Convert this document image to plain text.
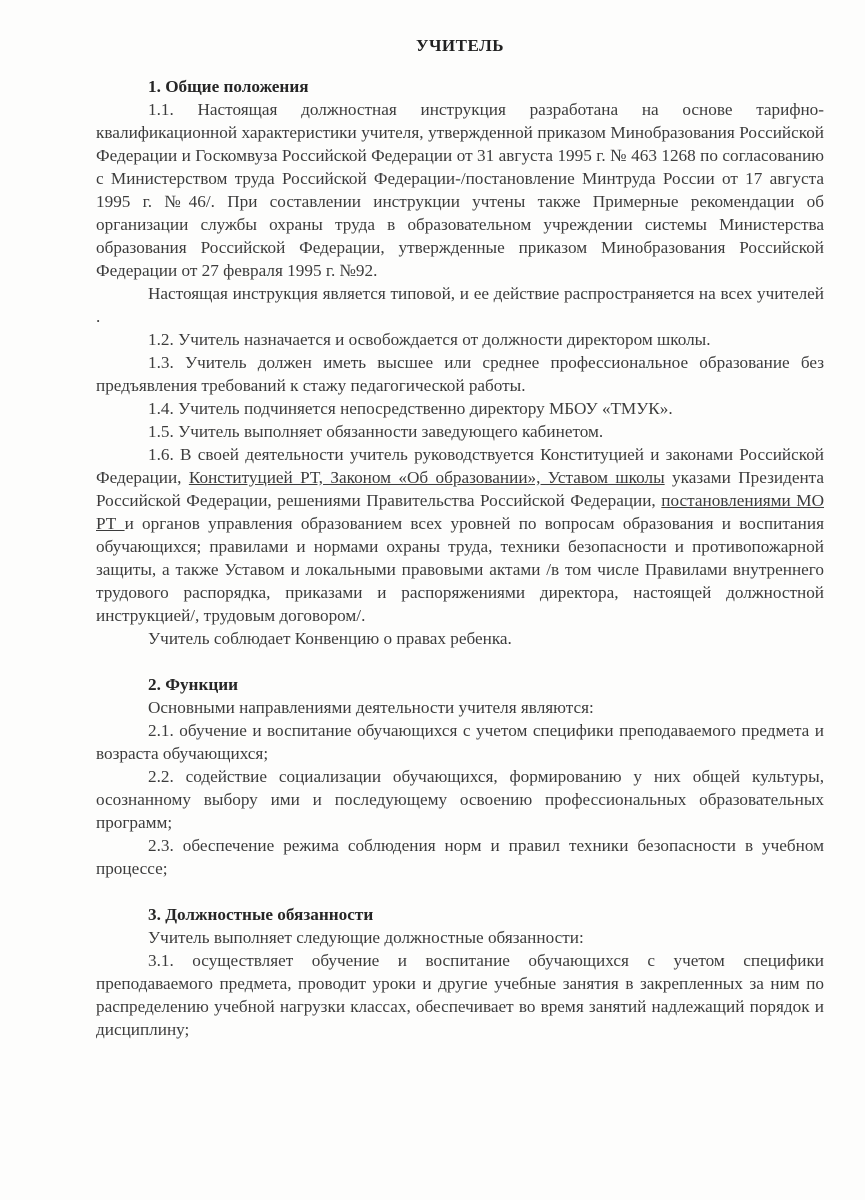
УЧИТЕЛЬ
1. Общие положения

1.1. Настоящая должностная инструкция разработана на основе тарифно-квалификационной характеристики учителя, утвержденной приказом Минобразования Российской Федерации и Госкомвуза Российской Федерации от 31 августа 1995 г. № 463 1268 по согласованию с Министерством труда Российской Федерации-/постановление Минтруда России от 17 августа 1995 г. №46/. При составлении инструкции учтены также Примерные рекомендации об организации службы охраны труда в образовательном учреждении системы Министерства образования Российской Федерации, утвержденные приказом Минобразования Российской Федерации от 27 февраля 1995 г. №92.

Настоящая инструкция является типовой, и ее действие распространяется на всех учителей .

1.2. Учитель назначается и освобождается от должности директором школы.

1.3. Учитель должен иметь высшее или среднее профессиональное образование без предъявления требований к стажу педагогической работы.

1.4. Учитель подчиняется непосредственно директору МБОУ «ТМУК».

1.5. Учитель выполняет обязанности заведующего кабинетом.

1.6. В своей деятельности учитель руководствуется Конституцией и законами Российской Федерации, Конституцией РТ, Законом «Об образовании», Уставом школы указами Президента Российской Федерации, решениями Правительства Российской Федерации, постановлениями МО РТ и органов управления образованием всех уровней по вопросам образования и воспитания обучающихся; правилами и нормами охраны труда, техники безопасности и противопожарной защиты, а также Уставом и локальными правовыми актами /в том числе Правилами внутреннего трудового распорядка, приказами и распоряжениями директора, настоящей должностной инструкцией/, трудовым договором/.

Учитель соблюдает Конвенцию о правах ребенка.

2. Функции

Основными направлениями деятельности учителя являются:

2.1. обучение и воспитание обучающихся с учетом специфики преподаваемого предмета и возраста обучающихся;

2.2. содействие социализации обучающихся, формированию у них общей культуры, осознанному выбору ими и последующему освоению профессиональных образовательных программ;

2.3. обеспечение режима соблюдения норм и правил техники безопасности в учебном процессе;

3. Должностные обязанности

Учитель выполняет следующие должностные обязанности:

3.1. осуществляет обучение и воспитание обучающихся с учетом специфики преподаваемого предмета, проводит уроки и другие учебные занятия в закрепленных за ним по распределению учебной нагрузки классах, обеспечивает во время занятий надлежащий порядок и дисциплину;
